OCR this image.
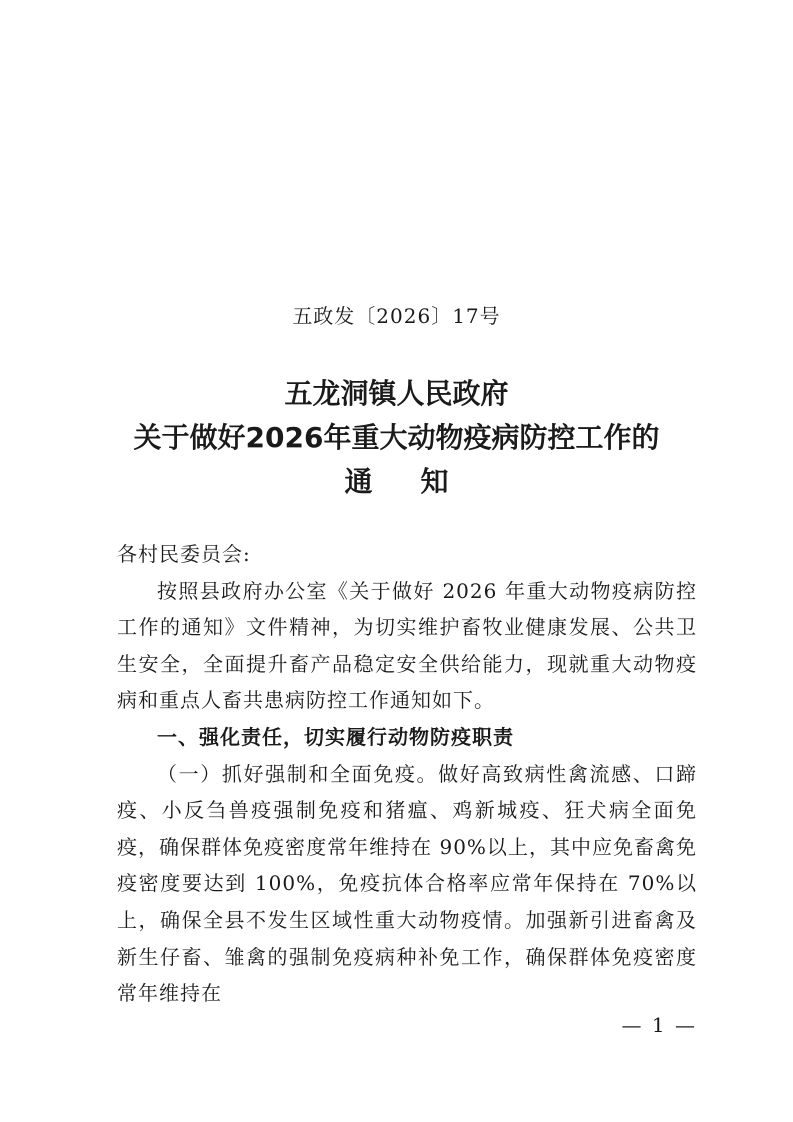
五政发〔2026〕17号
五龙洞镇人民政府
关于做好2026年重大动物疫病防控工作的
通知

各村民委员会:

按照县政府办公室《关于做好 2026 年重大动物疫病防控工作的通知》文件精神，为切实维护畜牧业健康发展、公共卫生安全，全面提升畜产品稳定安全供给能力，现就重大动物疫病和重点人畜共患病防控工作通知如下。

一、强化责任，切实履行动物防疫职责

（一）抓好强制和全面免疫。做好高致病性禽流感、口蹄疫、小反刍兽疫强制免疫和猪瘟、鸡新城疫、狂犬病全面免疫，确保群体免疫密度常年维持在 90%以上，其中应免畜禽免疫密度要达到 100%，免疫抗体合格率应常年保持在 70%以上，确保全县不发生区域性重大动物疫情。加强新引进畜禽及新生仔畜、雏禽的强制免疫病种补免工作，确保群体免疫密度常年维持在

— 1 —
